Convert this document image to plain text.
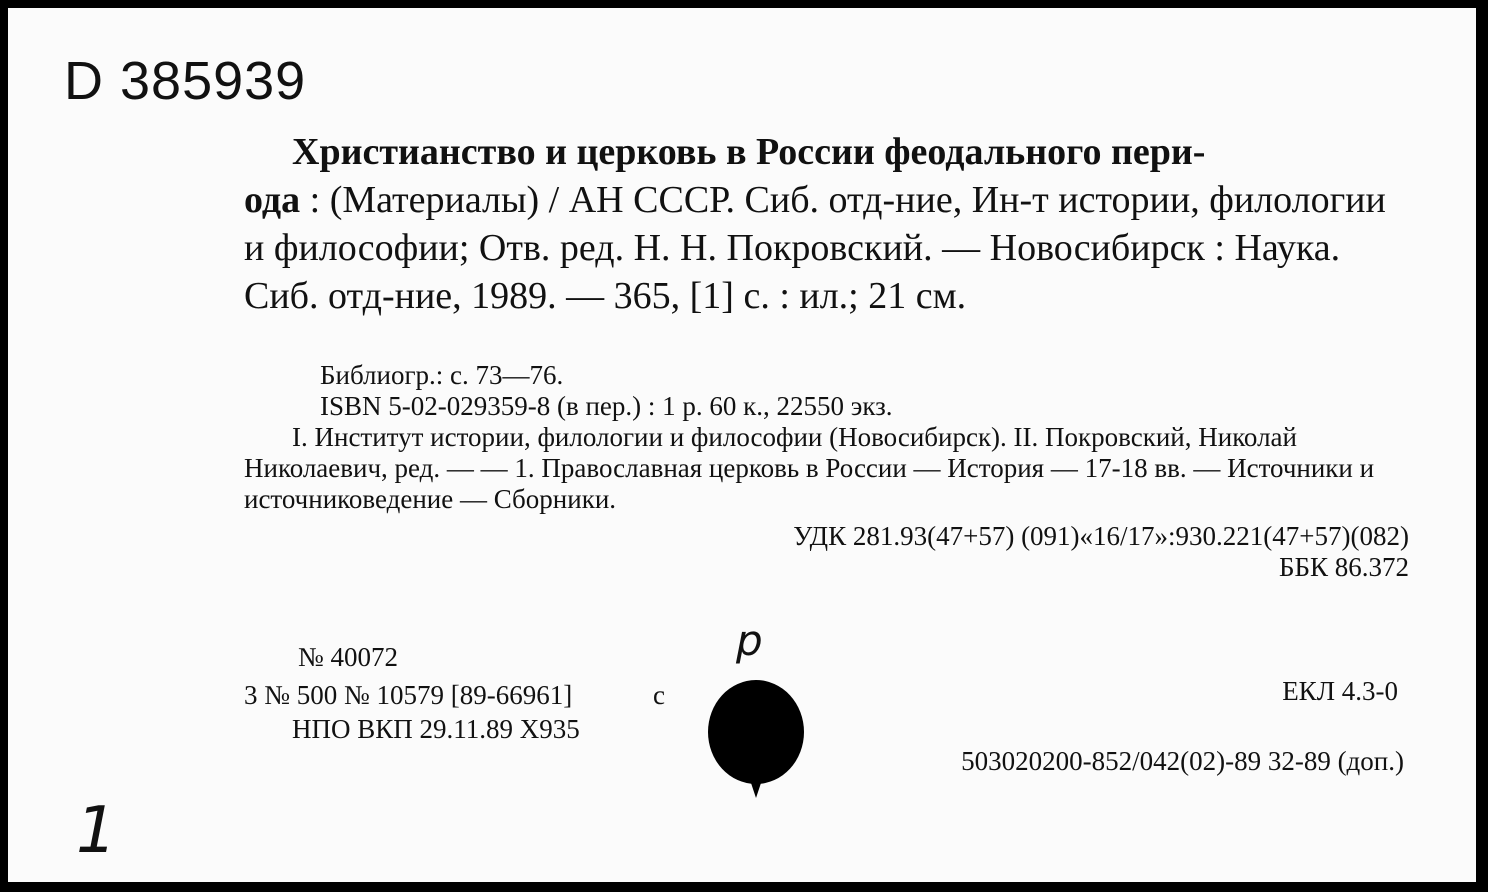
D 385939
Христианство и церковь в России феодального пери-
ода : (Материалы) / АН СССР. Сиб. отд-ние, Ин-т истории, филологии и философии; Отв. ред. Н. Н. Покровский. — Новосибирск : Наука. Сиб. отд-ние, 1989. — 365, [1] с. : ил.; 21 см.
Библиогр.: с. 73—76.
ISBN 5-02-029359-8 (в пер.) : 1 р. 60 к., 22550 экз.
I. Институт истории, филологии и философии (Новосибирск). II. Покровский, Николай Николаевич, ред. — — 1. Православная церковь в России — История — 17-18 вв. — Источники и источниковедение — Сборники.
УДК 281.93(47+57) (091)«16/17»:930.221(47+57)(082)
ББК 86.372
№ 40072
3 № 500 № 10579 [89-66961]	с
НПО ВКП 29.11.89 Х935
ЕКЛ 4.3-0
503020200-852/042(02)-89 32-89 (доп.)
р
1
